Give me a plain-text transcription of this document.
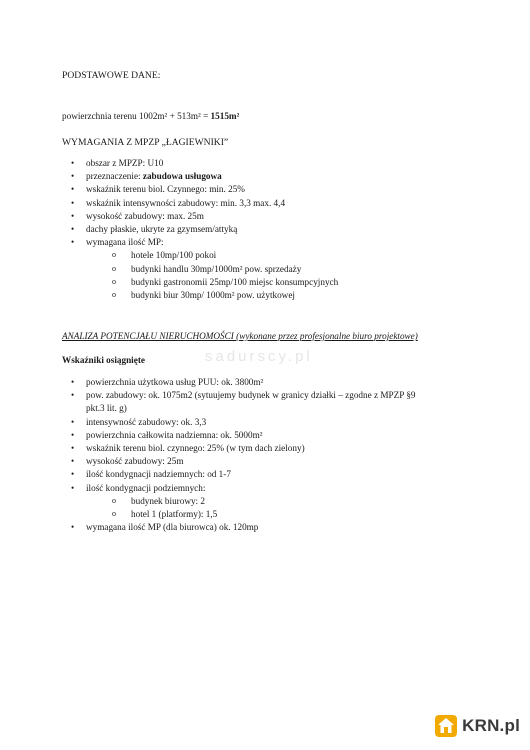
PODSTAWOWE DANE:
powierzchnia terenu 1002m² + 513m² = 1515m²
WYMAGANIA Z MPZP „ŁAGIEWNIKI”
• obszar z MPZP: U10
• przeznaczenie: zabudowa usługowa
• wskaźnik terenu biol. Czynnego: min. 25%
• wskaźnik intensywności zabudowy: min. 3,3 max. 4,4
• wysokość zabudowy: max. 25m
• dachy płaskie, ukryte za gzymsem/attyką
• wymagana ilość MP:
o hotele 10mp/100 pokoi
o budynki handlu 30mp/1000m² pow. sprzedaży
o budynki gastronomii 25mp/100 miejsc konsumpcyjnych
o budynki biur 30mp/ 1000m² pow. użytkowej
ANALIZA POTENCJAŁU NIERUCHOMOŚCI (wykonane przez profesjonalne biuro projektowe)
sadurscy.pl
Wskaźniki osiągnięte
• powierzchnia użytkowa usług PUU: ok. 3800m²
• pow. zabudowy: ok. 1075m2 (sytuujemy budynek w granicy działki – zgodne z MPZP §9
pkt.3 lit. g)
• intensywność zabudowy: ok. 3,3
• powierzchnia całkowita nadziemna: ok. 5000m²
• wskaźnik terenu biol. czynnego: 25% (w tym dach zielony)
• wysokość zabudowy: 25m
• ilość kondygnacji nadziemnych: od 1-7
• ilość kondygnacji podziemnych:
o budynek biurowy: 2
o hotel 1 (platformy): 1,5
• wymagana ilość MP (dla biurowca) ok. 120mp
KRN.pl
